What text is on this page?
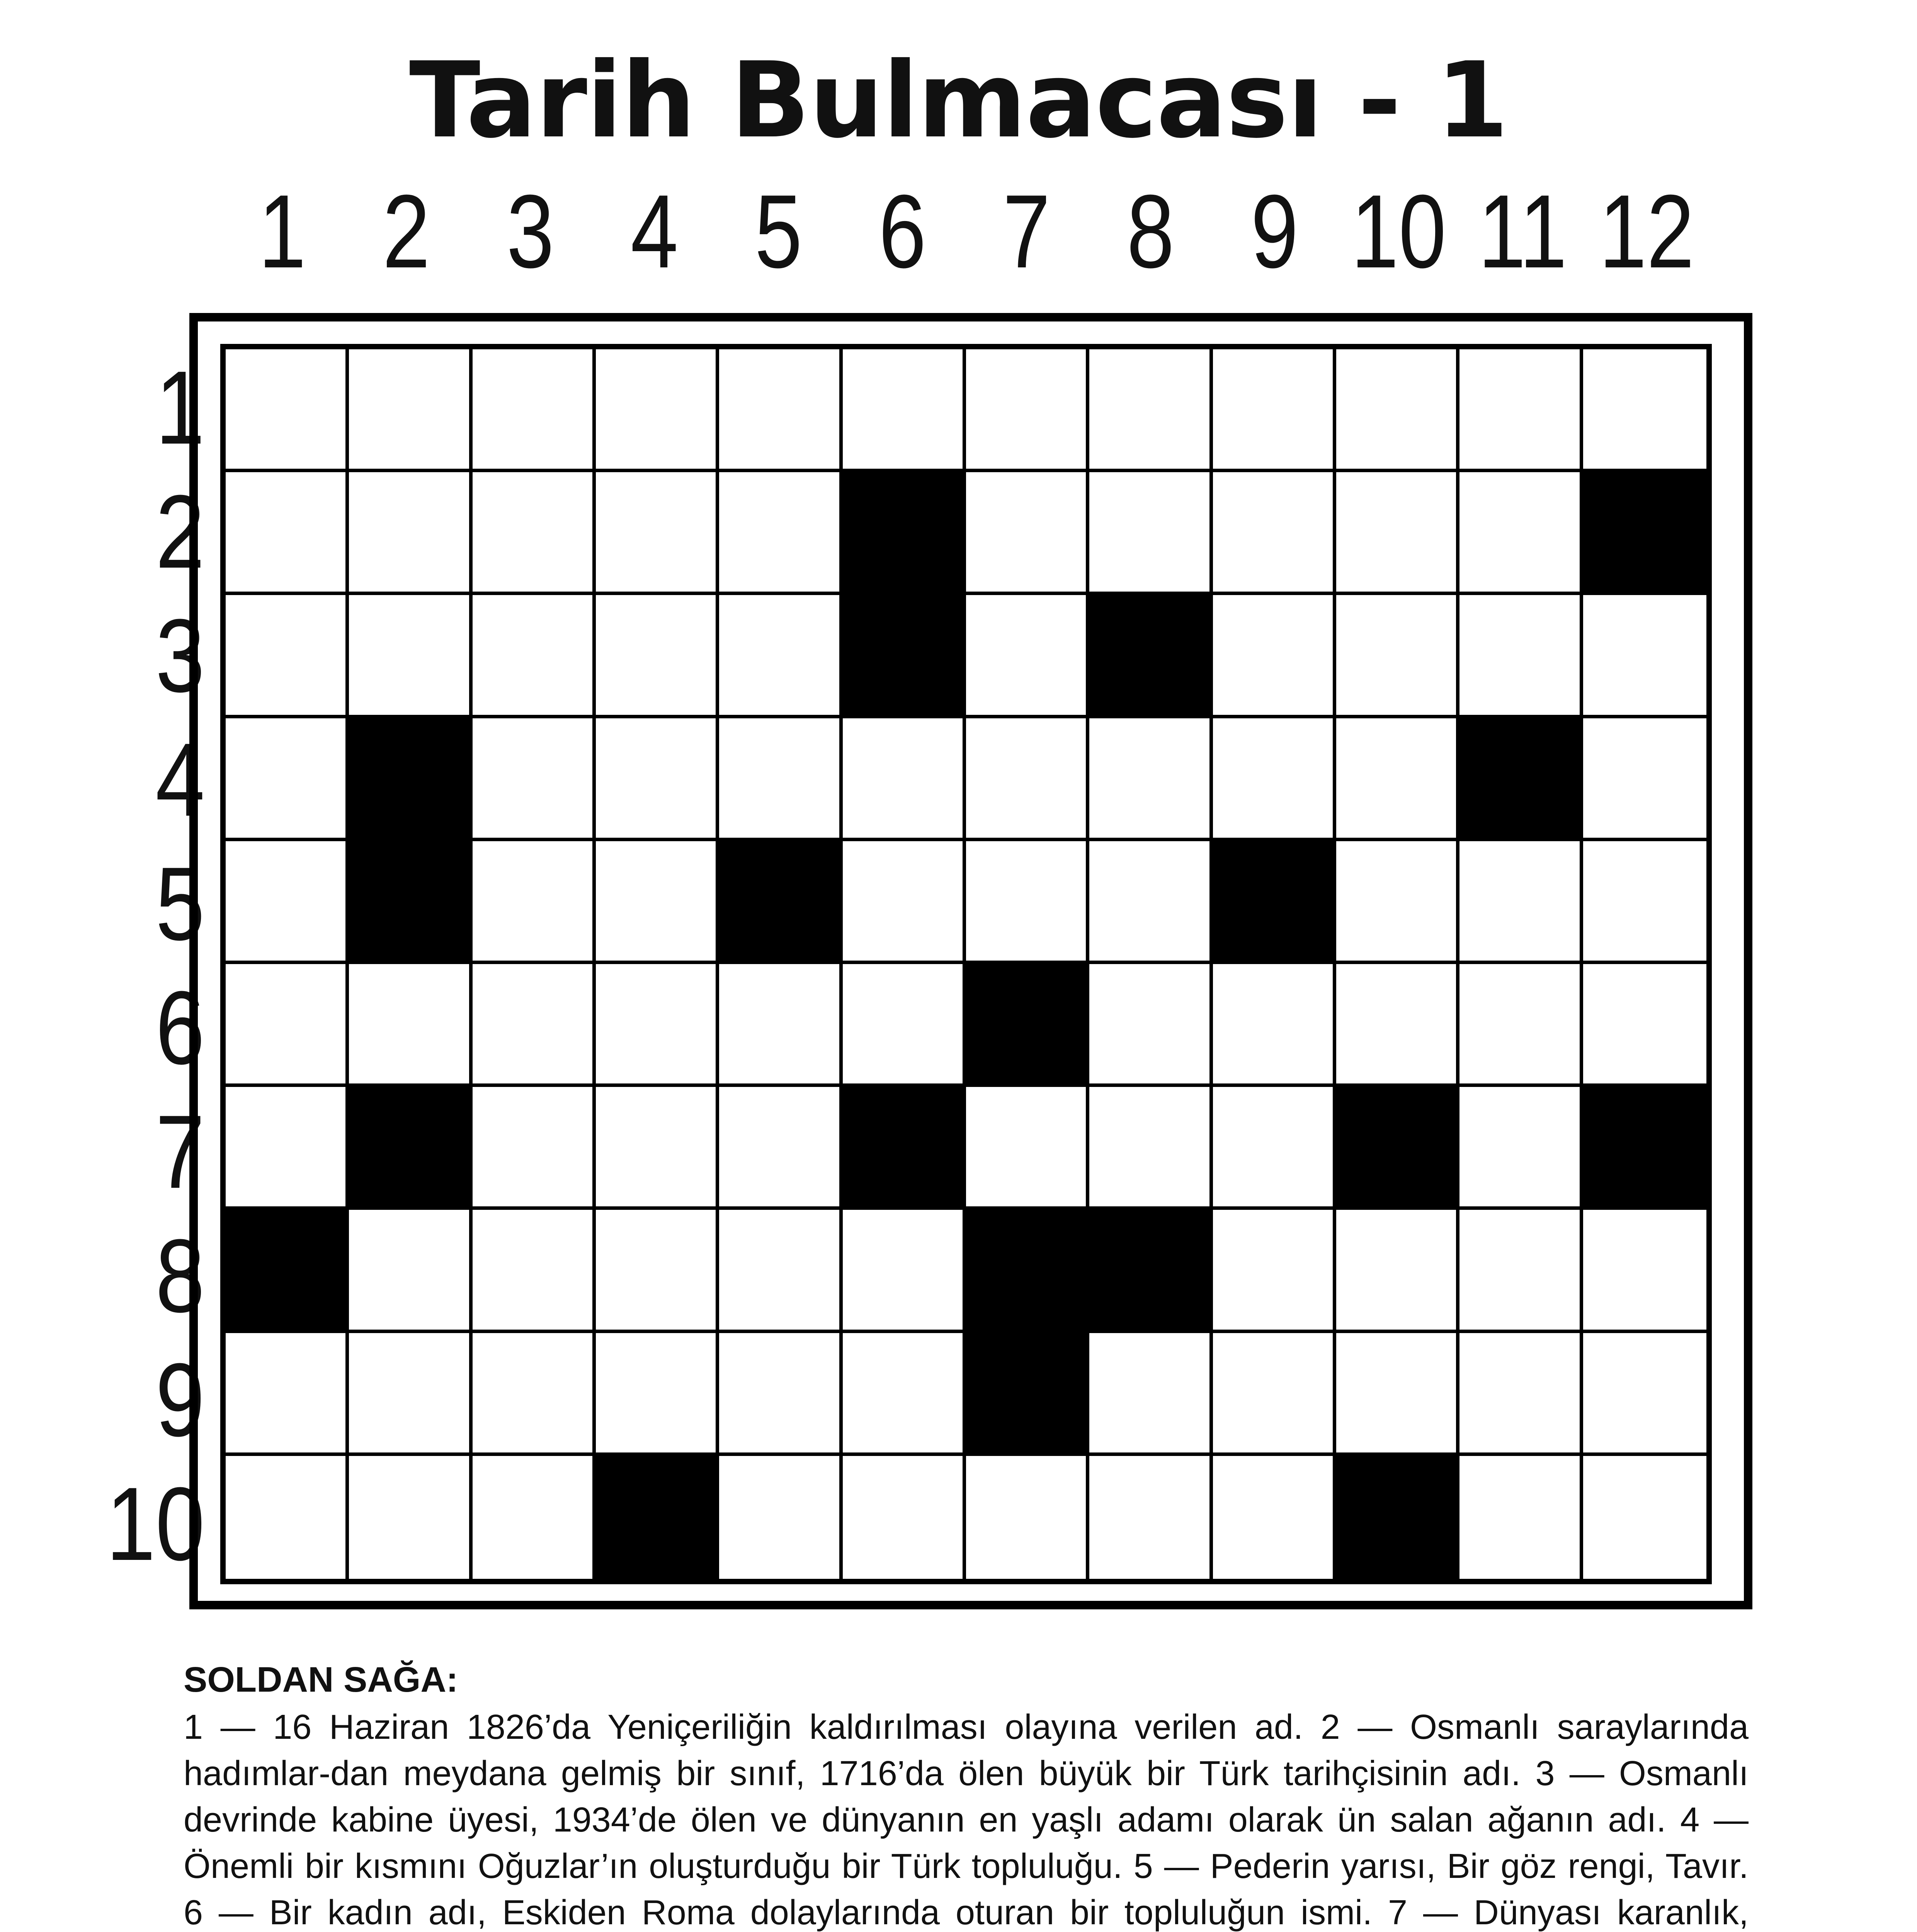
Tarih Bulmacası - 1
1 2 3 4 5 6 7 8 9 10 11 12
1
2
3
4
5
6
7
8
9
10

SOLDAN SAĞA:

1 — 16 Haziran 1826’da Yeniçeriliğin kaldırılması olayına verilen ad. 2 — Osmanlı saraylarında hadımlar-dan meydana gelmiş bir sınıf, 1716’da ölen büyük bir Türk tarihçisinin adı. 3 — Osmanlı devrinde kabine üyesi, 1934’de ölen ve dünyanın en yaşlı adamı olarak ün salan ağanın adı. 4 — Önemli bir kısmını Oğuzlar’ın oluşturduğu bir Türk topluluğu. 5 — Pederin yarısı, Bir göz rengi, Tavır. 6 — Bir kadın adı, Eskiden Roma dolaylarında oturan bir topluluğun ismi. 7 — Dünyası karanlık,
